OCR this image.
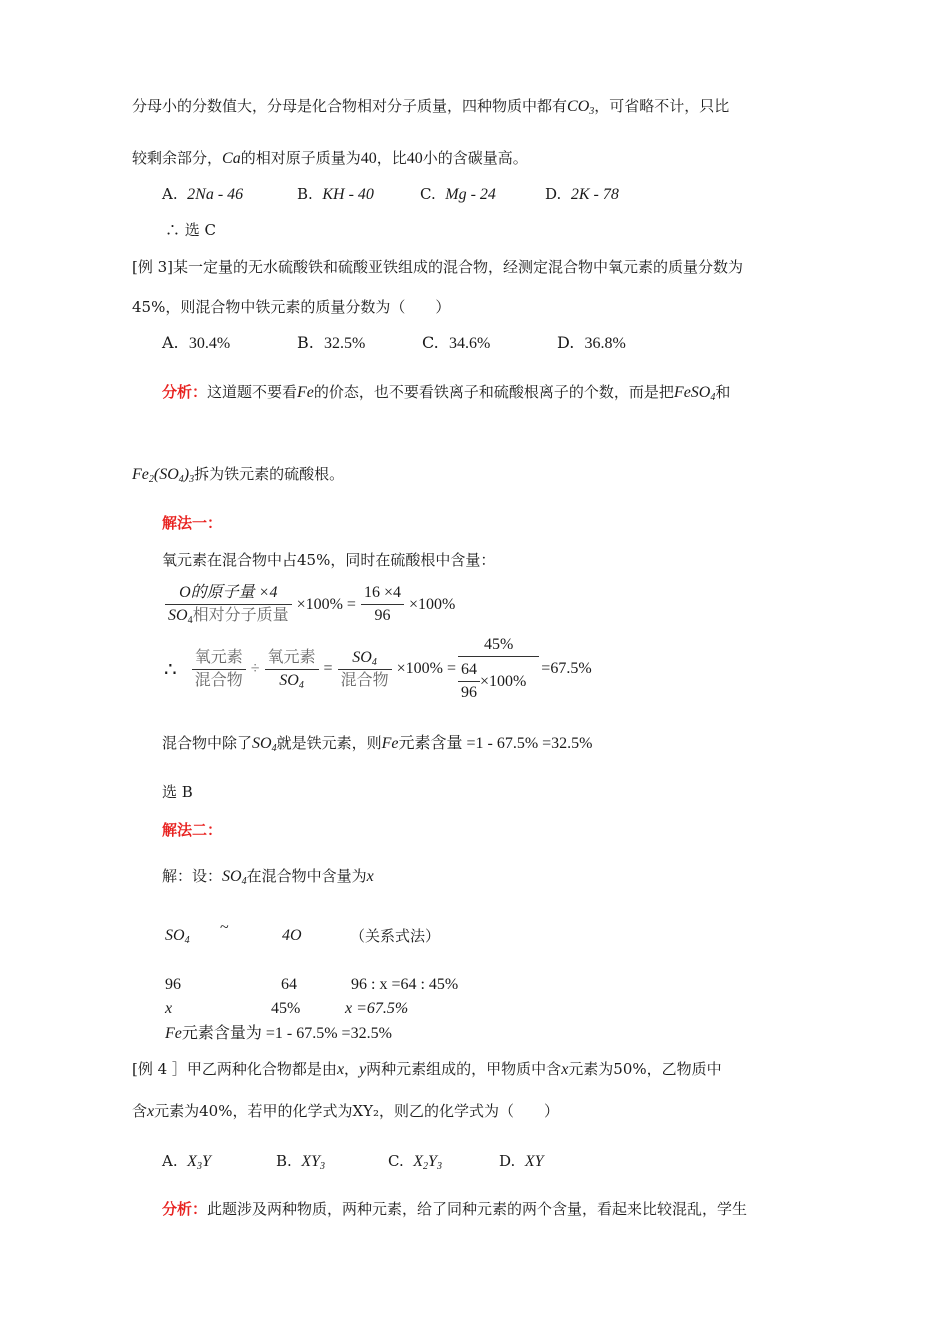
分母小的分数值大，分母是化合物相对分子质量，四种物质中都有$CO_3$，可省略不计，只比
较剩余部分，Ca的相对原子质量为40，比40小的含碳量高。
A. 2Na - 46	B. KH - 40	C. Mg - 24	D. 2K - 78
∴ 选 C
[例 3]某一定量的无水硫酸铁和硫酸亚铁组成的混合物，经测定混合物中氧元素的质量分数为
45%，则混合物中铁元素的质量分数为（　　）
A. 30.4%	B. 32.5%	C. 34.6%	D. 36.8%
分析：这道题不要看Fe的价态，也不要看铁离子和硫酸根离子的个数，而是把FeSO$_4$和
$Fe_2(SO_4)_3$拆为铁元素的硫酸根。
解法一：
氧元素在混合物中占45%，同时在硫酸根中含量：
$\frac{\text{O的原子量 ×4}}{SO_4相对分子质量} \times 100\% = \frac{16 \times 4}{96} \times 100\%$
∴ $\frac{\text{氧元素}}{\text{混合物}} \div \frac{\text{氧元素}}{SO_4} = \frac{SO_4}{\text{混合物}} \times 100\% = \frac{45\%}{\frac{64}{96} \times 100\%} =67.5\%$
混合物中除了$SO_4$就是铁元素，则Fe元素含量 =1 - 67.5% =32.5%
选 B
解法二：
解：设：$SO_4$在混合物中含量为x
$SO_4$
~	4O	（关系式法）
96	64	96 : x =64 : 45%
x	45%	x =67.5%
Fe元素含量为 =1 - 67.5% =32.5%
[例 4 ］甲乙两种化合物都是由x，y两种元素组成的，甲物质中含x元素为50%，乙物质中
含x元素为40%，若甲的化学式为XY₂，则乙的化学式为（　　）
A. $X_3Y$	B. $XY_3$	C. $X_2Y_3$	D. XY
分析：此题涉及两种物质，两种元素，给了同种元素的两个含量，看起来比较混乱，学生
